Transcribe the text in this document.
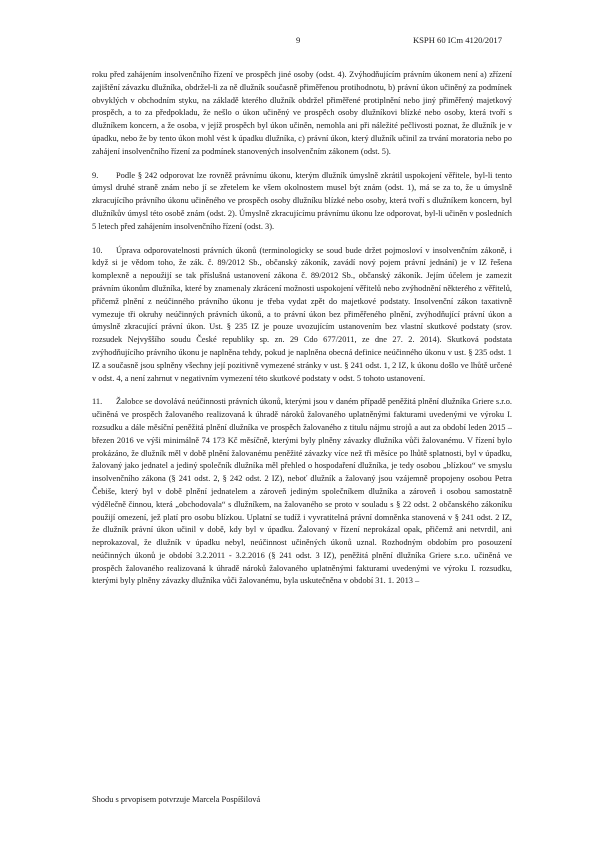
9	KSPH 60 ICm 4120/2017

roku před zahájením insolvenčního řízení ve prospěch jiné osoby (odst. 4). Zvýhodňujícím právním úkonem není a) zřízení zajištění závazku dlužníka, obdržel-li za ně dlužník současně přiměřenou protihodnotu, b) právní úkon učiněný za podmínek obvyklých v obchodním styku, na základě kterého dlužník obdržel přiměřené protiplnění nebo jiný přiměřený majetkový prospěch, a to za předpokladu, že nešlo o úkon učiněný ve prospěch osoby dlužníkovi blízké nebo osoby, která tvoří s dlužníkem koncern, a že osoba, v jejíž prospěch byl úkon učiněn, nemohla ani při náležité pečlivosti poznat, že dlužník je v úpadku, nebo že by tento úkon mohl vést k úpadku dlužníka, c) právní úkon, který dlužník učinil za trvání moratoria nebo po zahájení insolvenčního řízení za podmínek stanovených insolvenčním zákonem (odst. 5).

9. Podle § 242 odporovat lze rovněž právnímu úkonu, kterým dlužník úmyslně zkrátil uspokojení věřitele, byl-li tento úmysl druhé straně znám nebo jí se zřetelem ke všem okolnostem musel být znám (odst. 1), má se za to, že u úmyslně zkracujícího právního úkonu učiněného ve prospěch osoby dlužníku blízké nebo osoby, která tvoří s dlužníkem koncern, byl dlužníkův úmysl této osobě znám (odst. 2). Úmyslně zkracujícímu právnímu úkonu lze odporovat, byl-li učiněn v posledních 5 letech před zahájením insolvenčního řízení (odst. 3).

10. Úprava odporovatelnosti právních úkonů (terminologicky se soud bude držet pojmosloví v insolvenčním zákoně, i když si je vědom toho, že zák. č. 89/2012 Sb., občanský zákoník, zavádí nový pojem právní jednání) je v IZ řešena komplexně a nepoužijí se tak příslušná ustanovení zákona č. 89/2012 Sb., občanský zákoník. Jejím účelem je zamezit právním úkonům dlužníka, které by znamenaly zkrácení možnosti uspokojení věřitelů nebo zvýhodnění některého z věřitelů, přičemž plnění z neúčinného právního úkonu je třeba vydat zpět do majetkové podstaty. Insolvenční zákon taxativně vymezuje tři okruhy neúčinných právních úkonů, a to právní úkon bez přiměřeného plnění, zvýhodňující právní úkon a úmyslně zkracující právní úkon. Ust. § 235 IZ je pouze uvozujícím ustanovením bez vlastní skutkové podstaty (srov. rozsudek Nejvyššího soudu České republiky sp. zn. 29 Cdo 677/2011, ze dne 27. 2. 2014). Skutková podstata zvýhodňujícího právního úkonu je naplněna tehdy, pokud je naplněna obecná definice neúčinného úkonu v ust. § 235 odst. 1 IZ a současně jsou splněny všechny její pozitivně vymezené stránky v ust. § 241 odst. 1, 2 IZ, k úkonu došlo ve lhůtě určené v odst. 4, a není zahrnut v negativním vymezení této skutkové podstaty v odst. 5 tohoto ustanovení.

11. Žalobce se dovolává neúčinnosti právních úkonů, kterými jsou v daném případě peněžitá plnění dlužníka Griere s.r.o. učiněná ve prospěch žalovaného realizovaná k úhradě nároků žalovaného uplatněnými fakturami uvedenými ve výroku I. rozsudku a dále měsíční peněžitá plnění dlužníka ve prospěch žalovaného z titulu nájmu strojů a aut za období leden 2015 – březen 2016 ve výši minimálně 74 173 Kč měsíčně, kterými byly plněny závazky dlužníka vůči žalovanému. V řízení bylo prokázáno, že dlužník měl v době plnění žalovanému peněžité závazky více než tři měsíce po lhůtě splatnosti, byl v úpadku, žalovaný jako jednatel a jediný společník dlužníka měl přehled o hospodaření dlužníka, je tedy osobou „blízkou“ ve smyslu insolvenčního zákona (§ 241 odst. 2, § 242 odst. 2 IZ), neboť dlužník a žalovaný jsou vzájemně propojeny osobou Petra Čebiše, který byl v době plnění jednatelem a zároveň jediným společníkem dlužníka a zároveň i osobou samostatně výdělečně činnou, která „obchodovala“ s dlužníkem, na žalovaného se proto v souladu s § 22 odst. 2 občanského zákoníku použijí omezení, jež platí pro osobu blízkou. Uplatní se tudíž i vyvratitelná právní domněnka stanovená v § 241 odst. 2 IZ, že dlužník právní úkon učinil v době, kdy byl v úpadku. Žalovaný v řízení neprokázal opak, přičemž ani netvrdil, ani neprokazoval, že dlužník v úpadku nebyl, neúčinnost učiněných úkonů uznal. Rozhodným obdobím pro posouzení neúčinných úkonů je období 3.2.2011 - 3.2.2016 (§ 241 odst. 3 IZ), peněžitá plnění dlužníka Griere s.r.o. učiněná ve prospěch žalovaného realizovaná k úhradě nároků žalovaného uplatněnými fakturami uvedenými ve výroku I. rozsudku, kterými byly plněny závazky dlužníka vůči žalovanému, byla uskutečněna v období 31. 1. 2013 –

Shodu s prvopisem potvrzuje Marcela Pospíšilová
